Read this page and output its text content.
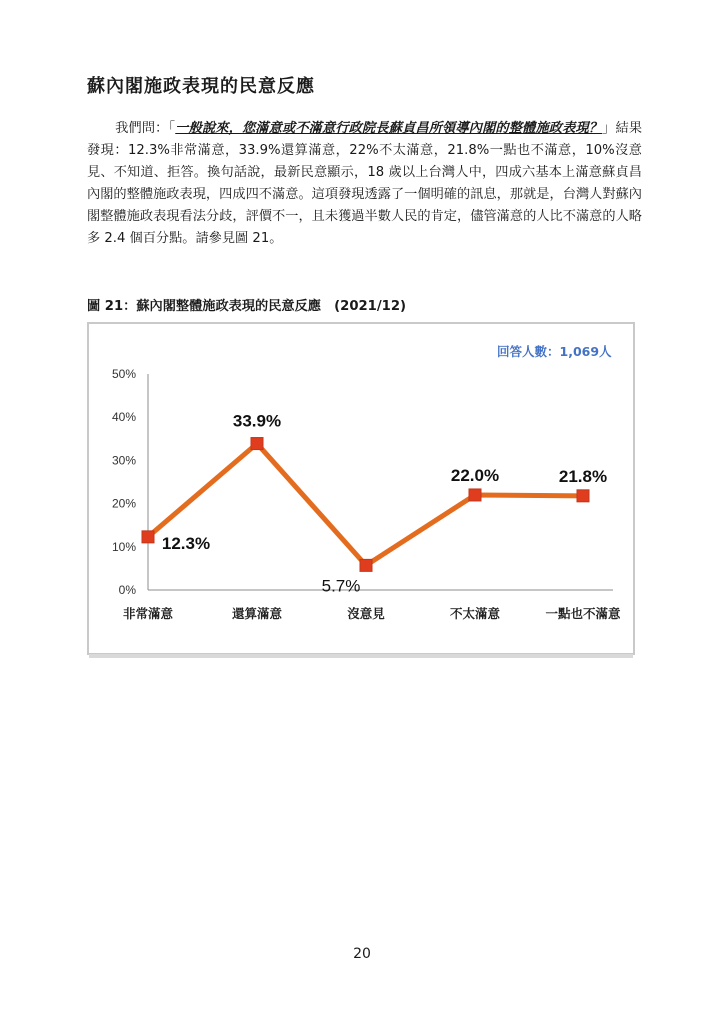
蘇內閣施政表現的民意反應
我們問：「一般說來，您滿意或不滿意行政院長蘇貞昌所領導內閣的整體施政表現？」結果發現：12.3%非常滿意，33.9%還算滿意，22%不太滿意，21.8%一點也不滿意，10%沒意見、不知道、拒答。換句話說，最新民意顯示，18 歲以上台灣人中，四成六基本上滿意蘇貞昌內閣的整體施政表現，四成四不滿意。這項發現透露了一個明確的訊息，那就是，台灣人對蘇內閣整體施政表現看法分歧，評價不一，且未獲過半數人民的肯定，儘管滿意的人比不滿意的人略多 2.4 個百分點。請參見圖 21。
圖 21：蘇內閣整體施政表現的民意反應　(2021/12)
回答人數：1,069人
0%
10%
20%
30%
40%
50%
非常滿意	還算滿意	沒意見	不太滿意	一點也不滿意
12.3%
33.9%
5.7%
22.0%	21.8%
20
